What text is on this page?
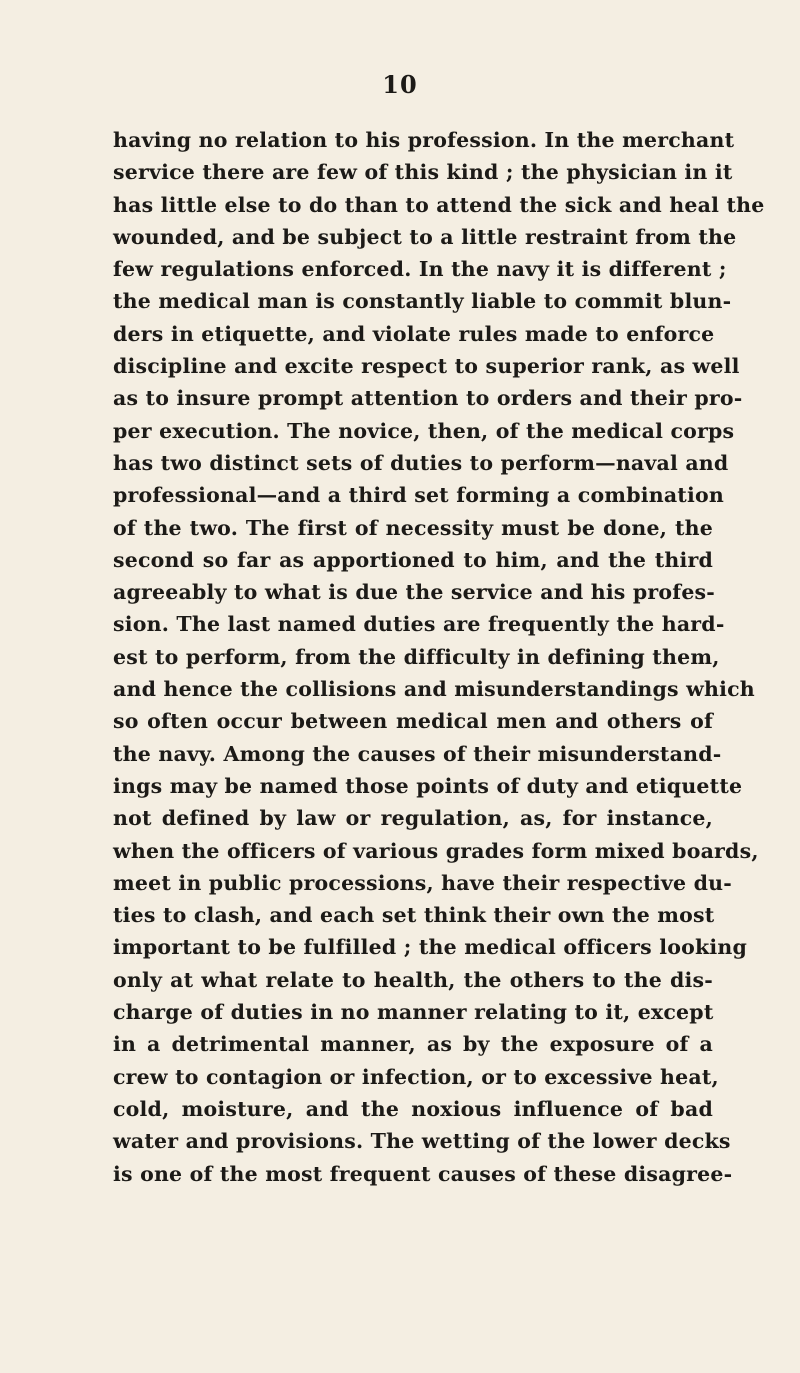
10
having no relation to his profession. In the merchant
service there are few of this kind ; the physician in it
has little else to do than to attend the sick and heal the
wounded, and be subject to a little restraint from the
few regulations enforced. In the navy it is different ;
the medical man is constantly liable to commit blun-
ders in etiquette, and violate rules made to enforce
discipline and excite respect to superior rank, as well
as to insure prompt attention to orders and their pro-
per execution. The novice, then, of the medical corps
has two distinct sets of duties to perform—naval and
professional—and a third set forming a combination
of the two. The first of necessity must be done, the
second so far as apportioned to him, and the third
agreeably to what is due the service and his profes-
sion. The last named duties are frequently the hard-
est to perform, from the difficulty in defining them,
and hence the collisions and misunderstandings which
so often occur between medical men and others of
the navy. Among the causes of their misunderstand-
ings may be named those points of duty and etiquette
not defined by law or regulation, as, for instance,
when the officers of various grades form mixed boards,
meet in public processions, have their respective du-
ties to clash, and each set think their own the most
important to be fulfilled ; the medical officers looking
only at what relate to health, the others to the dis-
charge of duties in no manner relating to it, except
in a detrimental manner, as by the exposure of a
crew to contagion or infection, or to excessive heat,
cold, moisture, and the noxious influence of bad
water and provisions. The wetting of the lower decks
is one of the most frequent causes of these disagree-
